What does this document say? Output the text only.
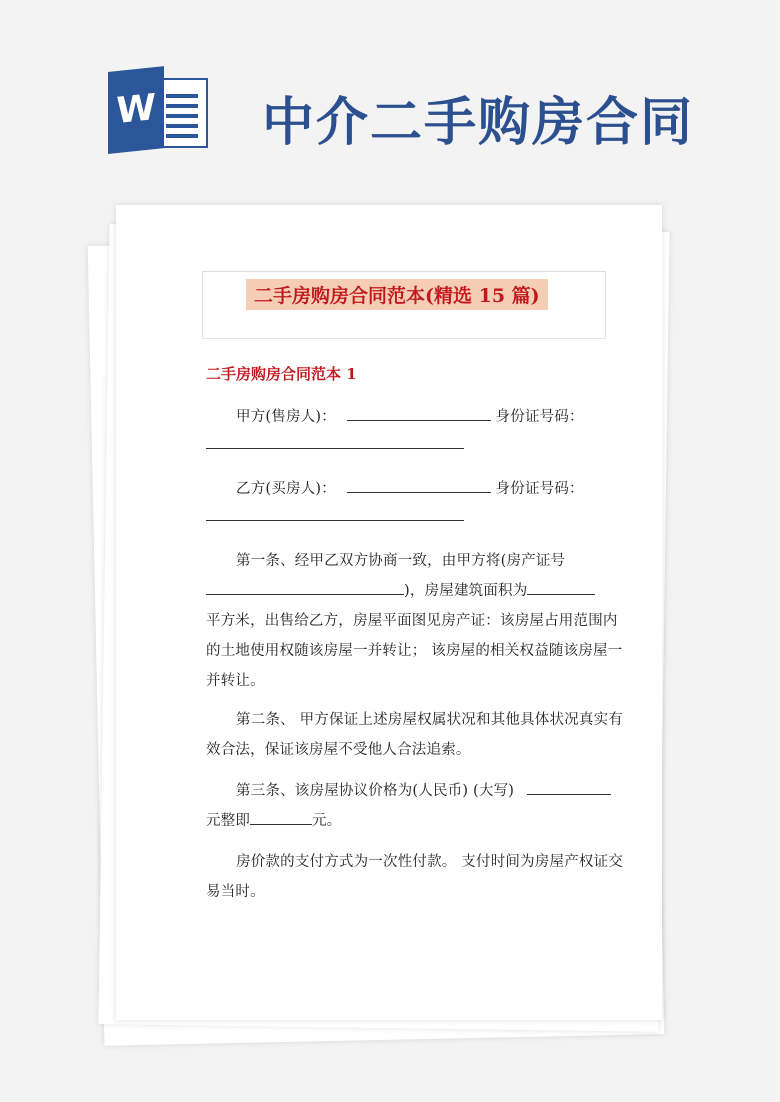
W 中介二手购房合同
二手房购房合同范本(精选 15 篇)
二手房购房合同范本 1
甲方(售房人)：	身份证号码：
乙方(买房人)：	身份证号码：
第一条、经甲乙双方协商一致，由甲方将(房产证号
)，房屋建筑面积为
平方米，出售给乙方，房屋平面图见房产证：该房屋占用范围内
的土地使用权随该房屋一并转让； 该房屋的相关权益随该房屋一
并转让。
第二条、 甲方保证上述房屋权属状况和其他具体状况真实有
效合法，保证该房屋不受他人合法追索。
第三条、该房屋协议价格为(人民币) (大写)
元整即	元。
房价款的支付方式为一次性付款。 支付时间为房屋产权证交
易当时。
